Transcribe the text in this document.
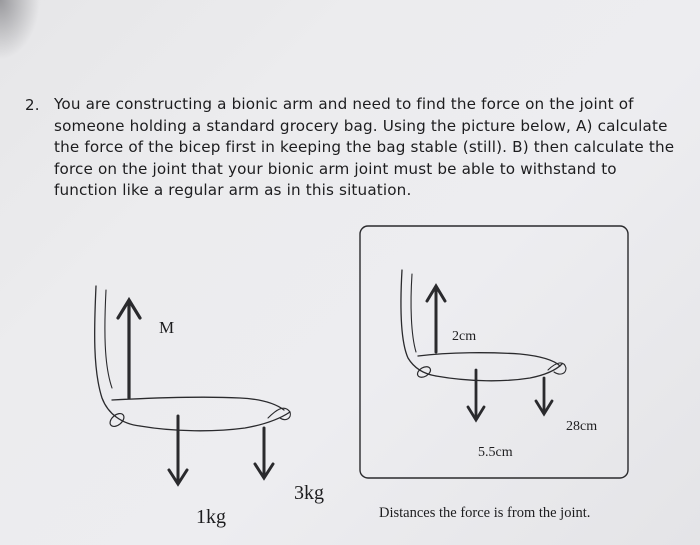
2. You are constructing a bionic arm and need to find the force on the joint of someone holding a standard grocery bag. Using the picture below, A) calculate the force of the bicep first in keeping the bag stable (still). B) then calculate the force on the joint that your bionic arm joint must be able to withstand to function like a regular arm as in this situation.
M
1kg
3kg
2cm
5.5cm
28cm
Distances the force is from the joint.
